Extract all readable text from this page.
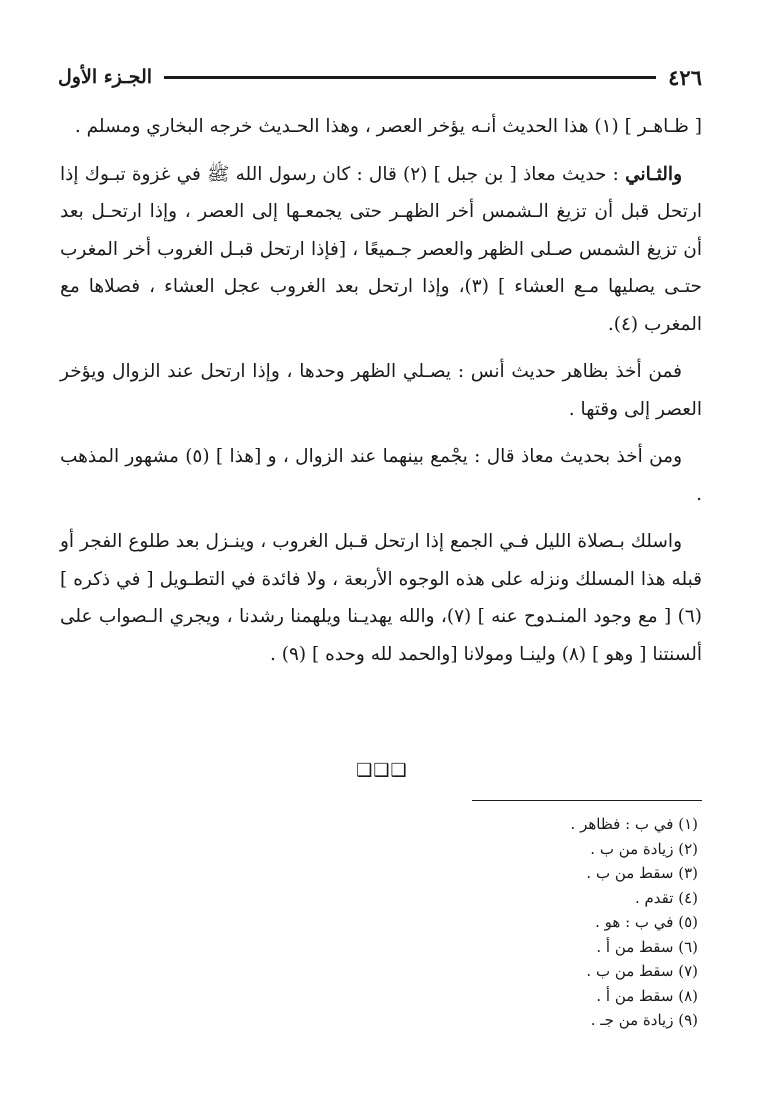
٤٢٦
الجـزء الأول

[ ظـاهـر ] (١) هذا الحديث أنـه يؤخر العصر ، وهذا الحـديث خرجه البخاري ومسلم .

والثـاني : حديث معاذ [ بن جبل ] (٢) قال : كان رسول الله ﷺ في غزوة تبـوك إذا ارتحل قبل أن تزيغ الـشمس أخر الظهـر حتى يجمعـها إلى العصر ، وإذا ارتحـل بعد أن تزيغ الشمس صـلى الظهر والعصر جـميعًا ، [فإذا ارتحل قبـل الغروب أخر المغرب حتـى يصليها مـع العشاء ] (٣)، وإذا ارتحل بعد الغروب عجل العشاء ، فصلاها مع المغرب (٤).

فمن أخذ بظاهر حديث أنس : يصـلي الظهر وحدها ، وإذا ارتحل عند الزوال ويؤخر العصر إلى وقتها .

ومن أخذ بحديث معاذ قال : يجْمع بينهما عند الزوال ، و [هذا ] (٥) مشهور المذهب .

واسلك بـصلاة الليل فـي الجمع إذا ارتحل قـبل الغروب ، وينـزل بعد طلوع الفجر أو قبله هذا المسلك ونزله على هذه الوجوه الأربعة ، ولا فائدة في التطـويل [ في ذكره ] (٦) [ مع وجود المنـدوح عنه ] (٧)، والله يهديـنا ويلهمنا رشدنا ، ويجري الـصواب على ألسنتنا [ وهو ] (٨) ولينـا ومولانا [والحمد لله وحده ] (٩) .

❑❑❑

(١) في ب : فظاهر .

(٢) زيادة من ب .

(٣) سقط من ب .

(٤) تقدم .

(٥) في ب : هو .

(٦) سقط من أ .

(٧) سقط من ب .

(٨) سقط من أ .

(٩) زيادة من جـ .
